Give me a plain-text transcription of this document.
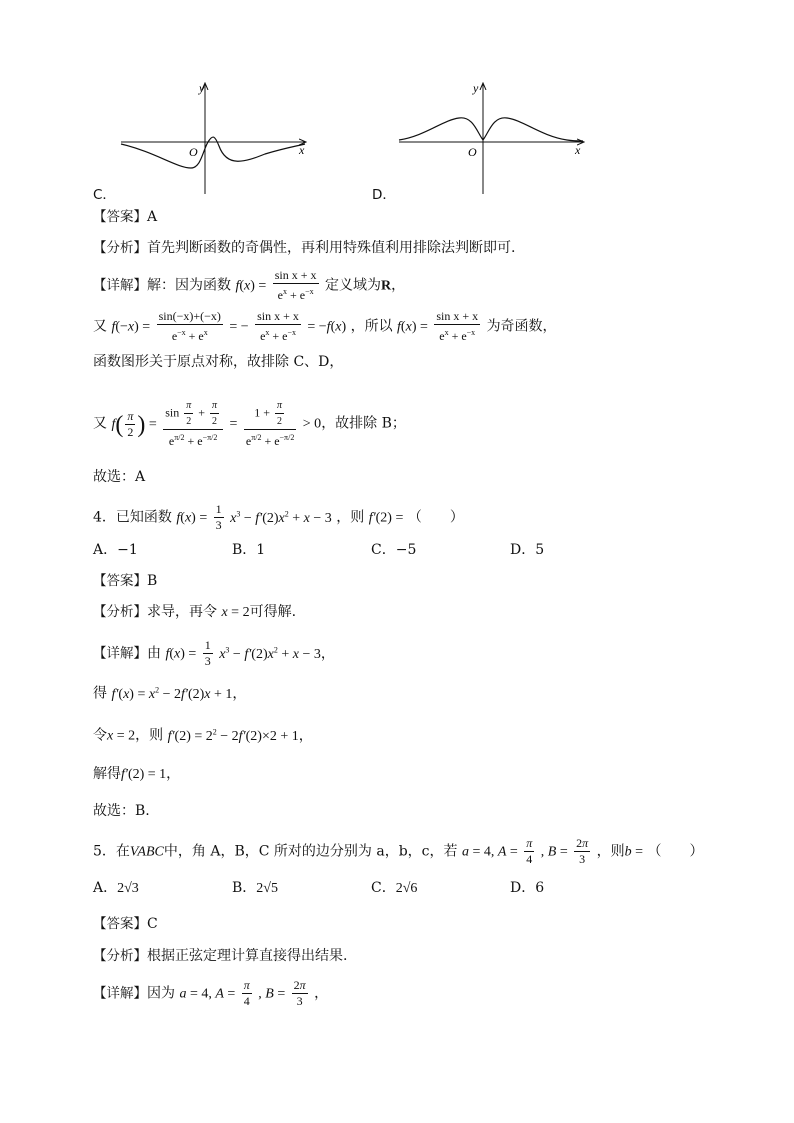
y
x
O
C．
y
x
O
D．
【答案】A
【分析】首先判断函数的奇偶性，再利用特殊值利用排除法判断即可.
【详解】解：因为函数 $f(x) = \frac{\text{sin x + x}}{e^x + e^{-x}}$ 定义域为R，
又 $f(-x) = \frac{\sin(-x)+(-x)}{e^{-x} + e^x}$ = − $\frac{\text{sin x + x}}{e^x + e^{-x}} = -f(x)$ ，所以 $f(x) = \frac{\text{sin x + x}}{e^x + e^{-x}}$ 为奇函数，
函数图形关于原点对称，故排除 C、D，
又 $f( \frac{\pi}{2}$ ) = $\frac{\sin \frac{\pi}{2} + \frac{\pi}{2}}{e^{\pi/2} + e^{-\pi/2}} = \frac{1 + \frac{\pi}{2}}{e^{\pi/2} + e^{-\pi/2}} > 0$，故排除 B；
故选：A
4．已知函数 $f(x) = \frac{1}{3} x^3 - f'(2)x^2 + x - 3$ ，则 f′(2) = （　　）
A．−1	B．1	C．−5	D．5
【答案】B
【分析】求导，再令 x = 2可得解.
【详解】由 $f(x) = \frac{1}{3} x^3 - f'(2)x^2 + x - 3$，
得 $f'(x) = x^2 - 2f'(2)x + 1$，
令x = 2，则 $f'(2) = 2^2 - 2f'(2)\times 2 + 1$，
解得f′(2) = 1，
故选：B.
5．在VABC中，角 A，B，C 所对的边分别为 a，b，c，若 a = 4, $A = \frac{\pi}{4}$ , $B = \frac{2\pi}{3}$ ，则b = （　　）
A．2√3	B．2√5	C．2√6	D．6
【答案】C
【分析】根据正弦定理计算直接得出结果.
【详解】因为 a = 4, $A = \frac{\pi}{4}$ , $B = \frac{2\pi}{3}$ ，
